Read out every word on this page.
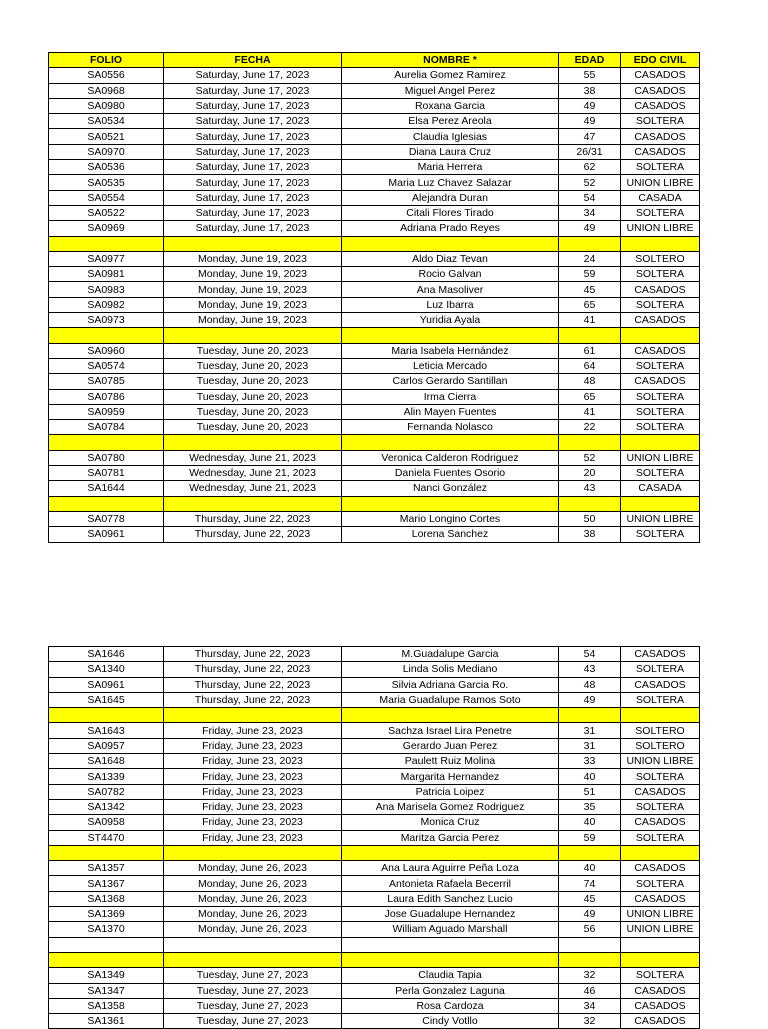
FOLIO	FECHA	NOMBRE *	EDAD	EDO CIVIL
SA0556	Saturday, June 17, 2023	Aurelia Gomez Ramirez	55	CASADOS
SA0968	Saturday, June 17, 2023	Miguel Angel Perez	38	CASADOS
SA0980	Saturday, June 17, 2023	Roxana Garcia	49	CASADOS
SA0534	Saturday, June 17, 2023	Elsa Perez Areola	49	SOLTERA
SA0521	Saturday, June 17, 2023	Claudia Iglesias	47	CASADOS
SA0970	Saturday, June 17, 2023	Diana Laura Cruz	26/31	CASADOS
SA0536	Saturday, June 17, 2023	Maria Herrera	62	SOLTERA
SA0535	Saturday, June 17, 2023	Maria Luz Chavez Salazar	52	UNION LIBRE
SA0554	Saturday, June 17, 2023	Alejandra Duran	54	CASADA
SA0522	Saturday, June 17, 2023	Citali Flores Tirado	34	SOLTERA
SA0969	Saturday, June 17, 2023	Adriana Prado Reyes	49	UNION LIBRE

SA0977	Monday, June 19, 2023	Aldo Diaz Tevan	24	SOLTERO
SA0981	Monday, June 19, 2023	Rocio Galvan	59	SOLTERA
SA0983	Monday, June 19, 2023	Ana Masoliver	45	CASADOS
SA0982	Monday, June 19, 2023	Luz Ibarra	65	SOLTERA
SA0973	Monday, June 19, 2023	Yuridia Ayala	41	CASADOS

SA0960	Tuesday, June 20, 2023	Maria Isabela Hernández	61	CASADOS
SA0574	Tuesday, June 20, 2023	Leticia Mercado	64	SOLTERA
SA0785	Tuesday, June 20, 2023	Carlos Gerardo Santillan	48	CASADOS
SA0786	Tuesday, June 20, 2023	Irma Cierra	65	SOLTERA
SA0959	Tuesday, June 20, 2023	Alin Mayen Fuentes	41	SOLTERA
SA0784	Tuesday, June 20, 2023	Fernanda Nolasco	22	SOLTERA

SA0780	Wednesday, June 21, 2023	Veronica Calderon Rodriguez	52	UNION LIBRE
SA0781	Wednesday, June 21, 2023	Daniela Fuentes Osorio	20	SOLTERA
SA1644	Wednesday, June 21, 2023	Nanci González	43	CASADA

SA0778	Thursday, June 22, 2023	Mario Longino Cortes	50	UNION LIBRE
SA0961	Thursday, June 22, 2023	Lorena Sanchez	38	SOLTERA
SA1646	Thursday, June 22, 2023	M.Guadalupe Garcia	54	CASADOS
SA1340	Thursday, June 22, 2023	Linda Solis Mediano	43	SOLTERA
SA0961	Thursday, June 22, 2023	Silvia Adriana Garcia Ro.	48	CASADOS
SA1645	Thursday, June 22, 2023	Maria Guadalupe Ramos Soto	49	SOLTERA

SA1643	Friday, June 23, 2023	Sachza Israel Lira Penetre	31	SOLTERO
SA0957	Friday, June 23, 2023	Gerardo Juan Perez	31	SOLTERO
SA1648	Friday, June 23, 2023	Paulett Ruiz Molina	33	UNION LIBRE
SA1339	Friday, June 23, 2023	Margarita Hernandez	40	SOLTERA
SA0782	Friday, June 23, 2023	Patricia Loipez	51	CASADOS
SA1342	Friday, June 23, 2023	Ana Marisela Gomez Rodriguez	35	SOLTERA
SA0958	Friday, June 23, 2023	Monica Cruz	40	CASADOS
ST4470	Friday, June 23, 2023	Maritza Garcia Perez	59	SOLTERA

SA1357	Monday, June 26, 2023	Ana Laura Aguirre Peña Loza	40	CASADOS
SA1367	Monday, June 26, 2023	Antonieta Rafaela Becerril	74	SOLTERA
SA1368	Monday, June 26, 2023	Laura Edith Sanchez Lucio	45	CASADOS
SA1369	Monday, June 26, 2023	Jose Guadalupe Hernandez	49	UNION LIBRE
SA1370	Monday, June 26, 2023	William Aguado Marshall	56	UNION LIBRE

SA1349	Tuesday, June 27, 2023	Claudia Tapia	32	SOLTERA
SA1347	Tuesday, June 27, 2023	Perla Gonzalez Laguna	46	CASADOS
SA1358	Tuesday, June 27, 2023	Rosa Cardoza	34	CASADOS
SA1361	Tuesday, June 27, 2023	Cindy Votllo	32	CASADOS
